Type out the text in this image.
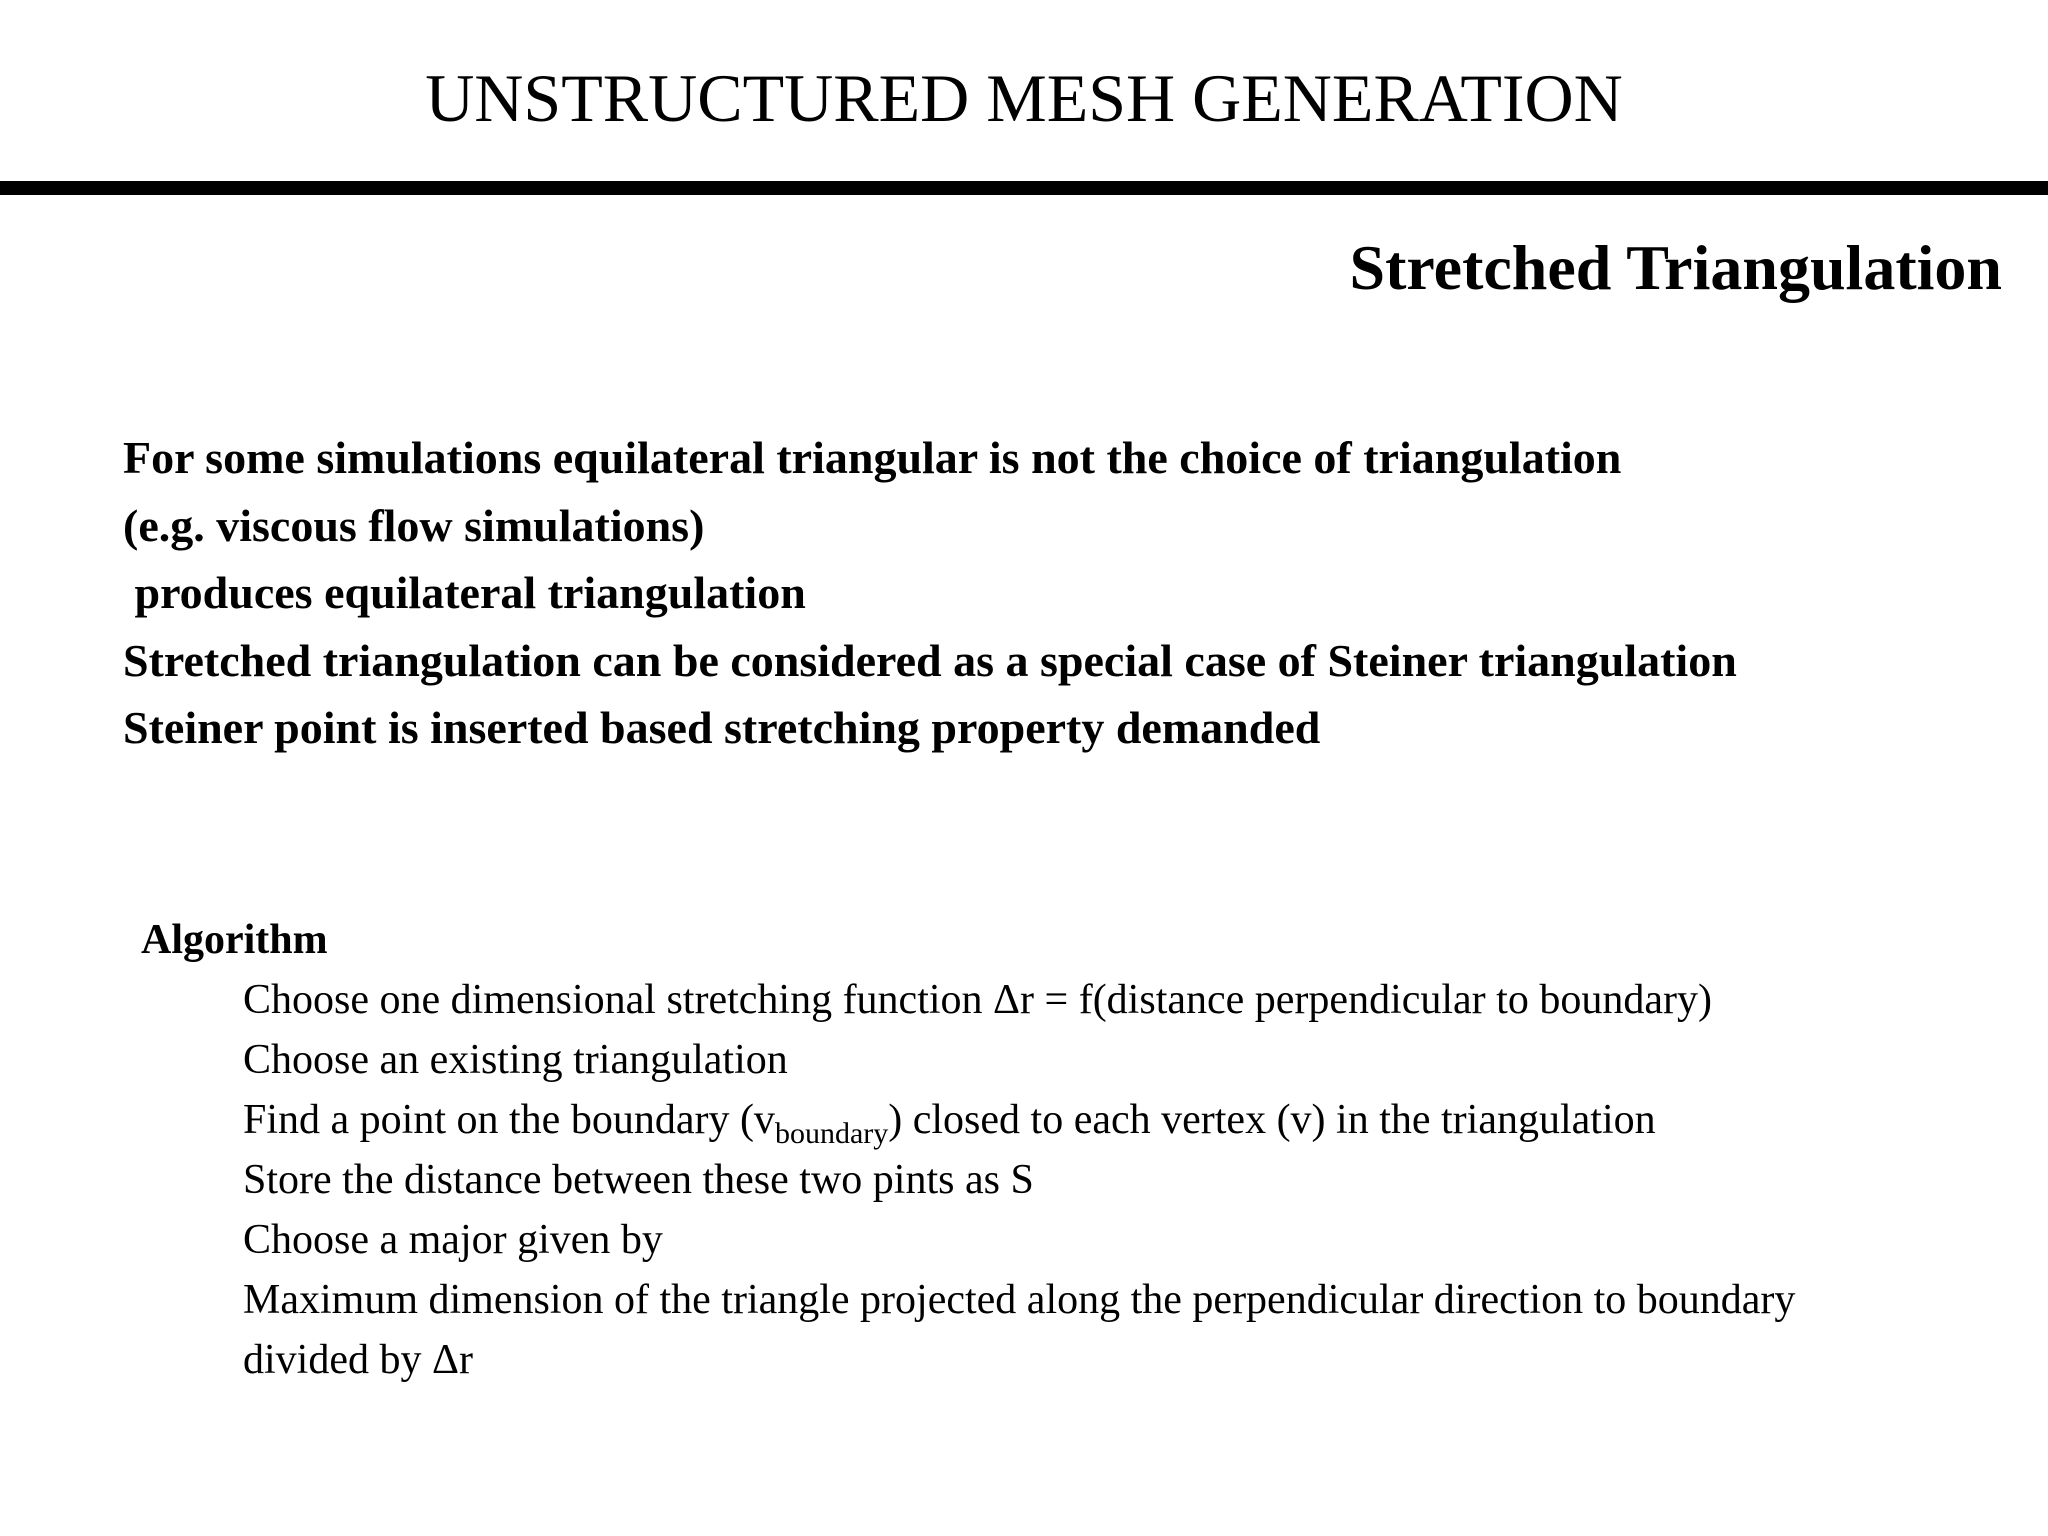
UNSTRUCTURED MESH GENERATION
Stretched Triangulation
For some simulations equilateral triangular is not the choice of triangulation
(e.g. viscous flow simulations)
produces equilateral triangulation
Stretched triangulation can be considered as a special case of Steiner triangulation
Steiner point is inserted based stretching property demanded
Algorithm
Choose one dimensional stretching function Δr = f(distance perpendicular to boundary)
Choose an existing triangulation
Find a point on the boundary $(v_{boundary})$ closed to each vertex (v) in the triangulation
Store the distance between these two pints as S
Choose a major given by
Maximum dimension of the triangle projected along the perpendicular direction to boundary
divided by Δr
